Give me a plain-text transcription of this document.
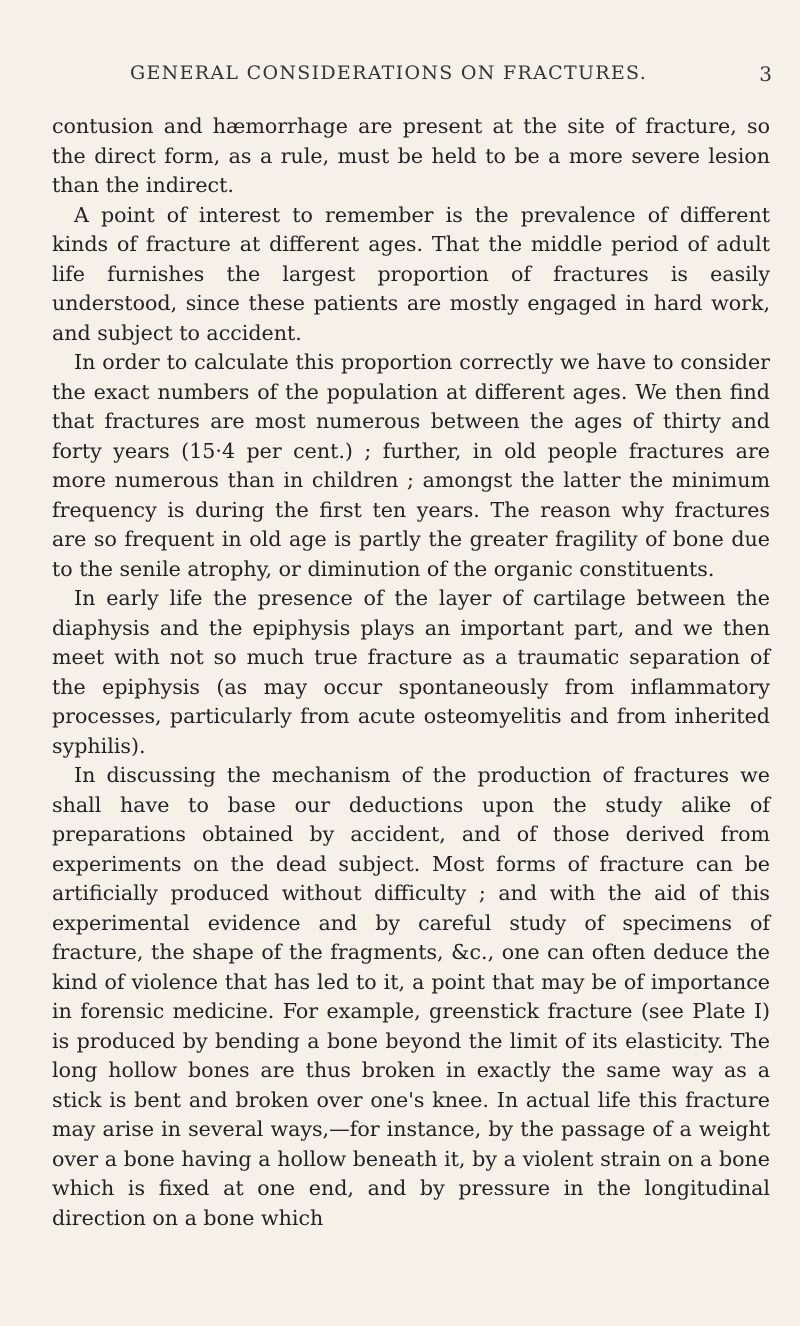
GENERAL CONSIDERATIONS ON FRACTURES.	3

contusion and hæmorrhage are present at the site of fracture, so the direct form, as a rule, must be held to be a more severe lesion than the indirect.

A point of interest to remember is the prevalence of different kinds of fracture at different ages. That the middle period of adult life furnishes the largest proportion of fractures is easily understood, since these patients are mostly engaged in hard work, and subject to accident.

In order to calculate this proportion correctly we have to consider the exact numbers of the population at different ages. We then find that fractures are most numerous between the ages of thirty and forty years (15·4 per cent.) ; further, in old people fractures are more numerous than in children ; amongst the latter the minimum frequency is during the first ten years. The reason why fractures are so frequent in old age is partly the greater fragility of bone due to the senile atrophy, or diminution of the organic constituents.

In early life the presence of the layer of cartilage between the diaphysis and the epiphysis plays an important part, and we then meet with not so much true fracture as a traumatic separation of the epiphysis (as may occur spontaneously from inflammatory processes, particularly from acute osteomyelitis and from inherited syphilis).

In discussing the mechanism of the production of fractures we shall have to base our deductions upon the study alike of preparations obtained by accident, and of those derived from experiments on the dead subject. Most forms of fracture can be artificially produced without difficulty ; and with the aid of this experimental evidence and by careful study of specimens of fracture, the shape of the fragments, &c., one can often deduce the kind of violence that has led to it, a point that may be of importance in forensic medicine. For example, greenstick fracture (see Plate I) is produced by bending a bone beyond the limit of its elasticity. The long hollow bones are thus broken in exactly the same way as a stick is bent and broken over one's knee. In actual life this fracture may arise in several ways,—for instance, by the passage of a weight over a bone having a hollow beneath it, by a violent strain on a bone which is fixed at one end, and by pressure in the longitudinal direction on a bone which
